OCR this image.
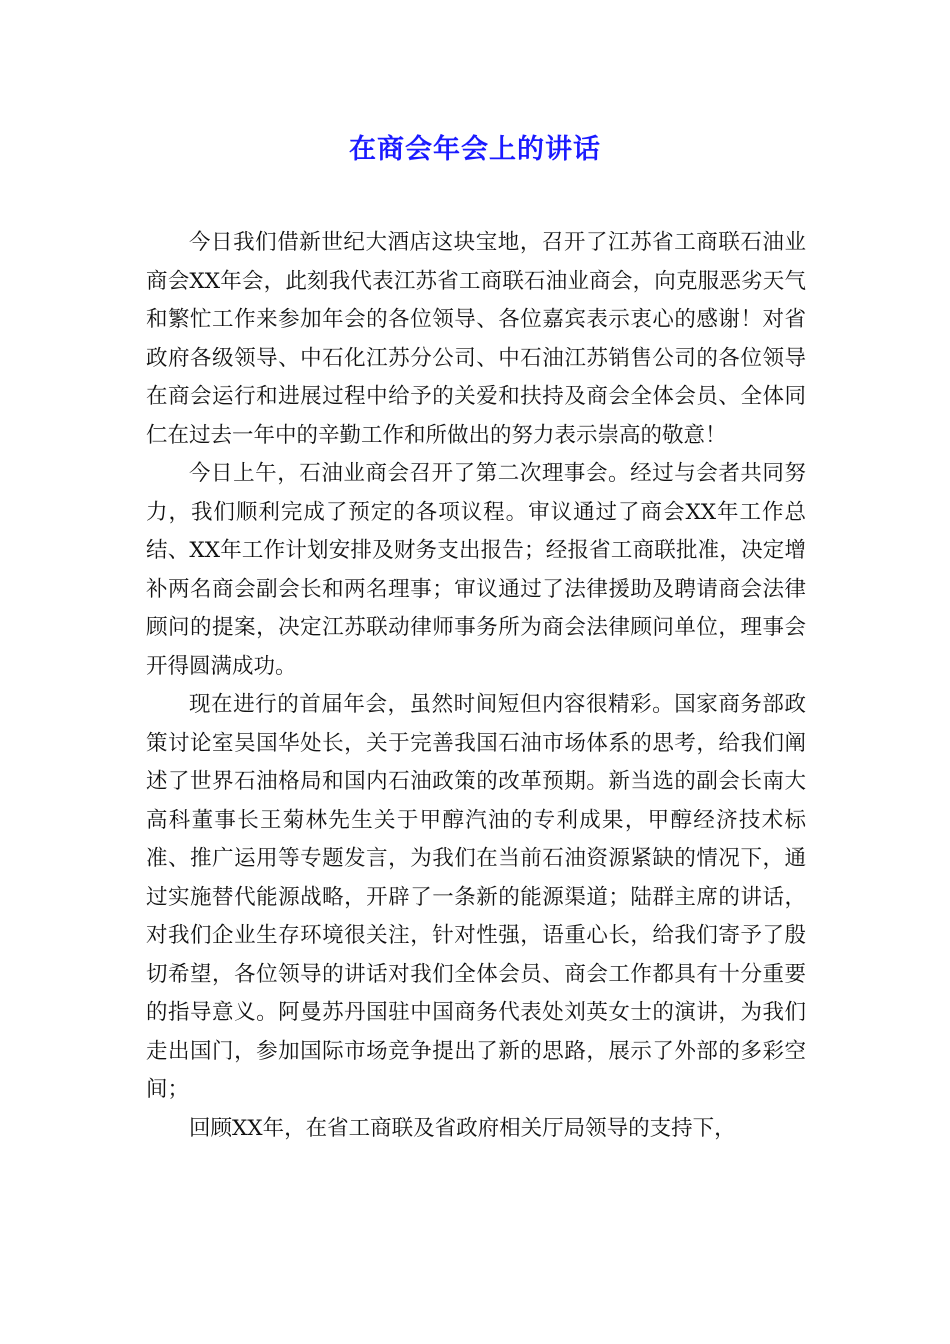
在商会年会上的讲话

今日我们借新世纪大酒店这块宝地，召开了江苏省工商联石油业商会XX年会，此刻我代表江苏省工商联石油业商会，向克服恶劣天气和繁忙工作来参加年会的各位领导、各位嘉宾表示衷心的感谢！对省政府各级领导、中石化江苏分公司、中石油江苏销售公司的各位领导在商会运行和进展过程中给予的关爱和扶持及商会全体会员、全体同仁在过去一年中的辛勤工作和所做出的努力表示崇高的敬意！

今日上午，石油业商会召开了第二次理事会。经过与会者共同努力，我们顺利完成了预定的各项议程。审议通过了商会XX年工作总结、XX年工作计划安排及财务支出报告；经报省工商联批准，决定增补两名商会副会长和两名理事；审议通过了法律援助及聘请商会法律顾问的提案，决定江苏联动律师事务所为商会法律顾问单位，理事会开得圆满成功。

现在进行的首届年会，虽然时间短但内容很精彩。国家商务部政策讨论室吴国华处长，关于完善我国石油市场体系的思考，给我们阐述了世界石油格局和国内石油政策的改革预期。新当选的副会长南大高科董事长王菊林先生关于甲醇汽油的专利成果，甲醇经济技术标准、推广运用等专题发言，为我们在当前石油资源紧缺的情况下，通过实施替代能源战略，开辟了一条新的能源渠道；陆群主席的讲话，对我们企业生存环境很关注，针对性强，语重心长，给我们寄予了殷切希望，各位领导的讲话对我们全体会员、商会工作都具有十分重要的指导意义。阿曼苏丹国驻中国商务代表处刘英女士的演讲，为我们走出国门，参加国际市场竞争提出了新的思路，展示了外部的多彩空间；

回顾XX年，在省工商联及省政府相关厅局领导的支持下，
